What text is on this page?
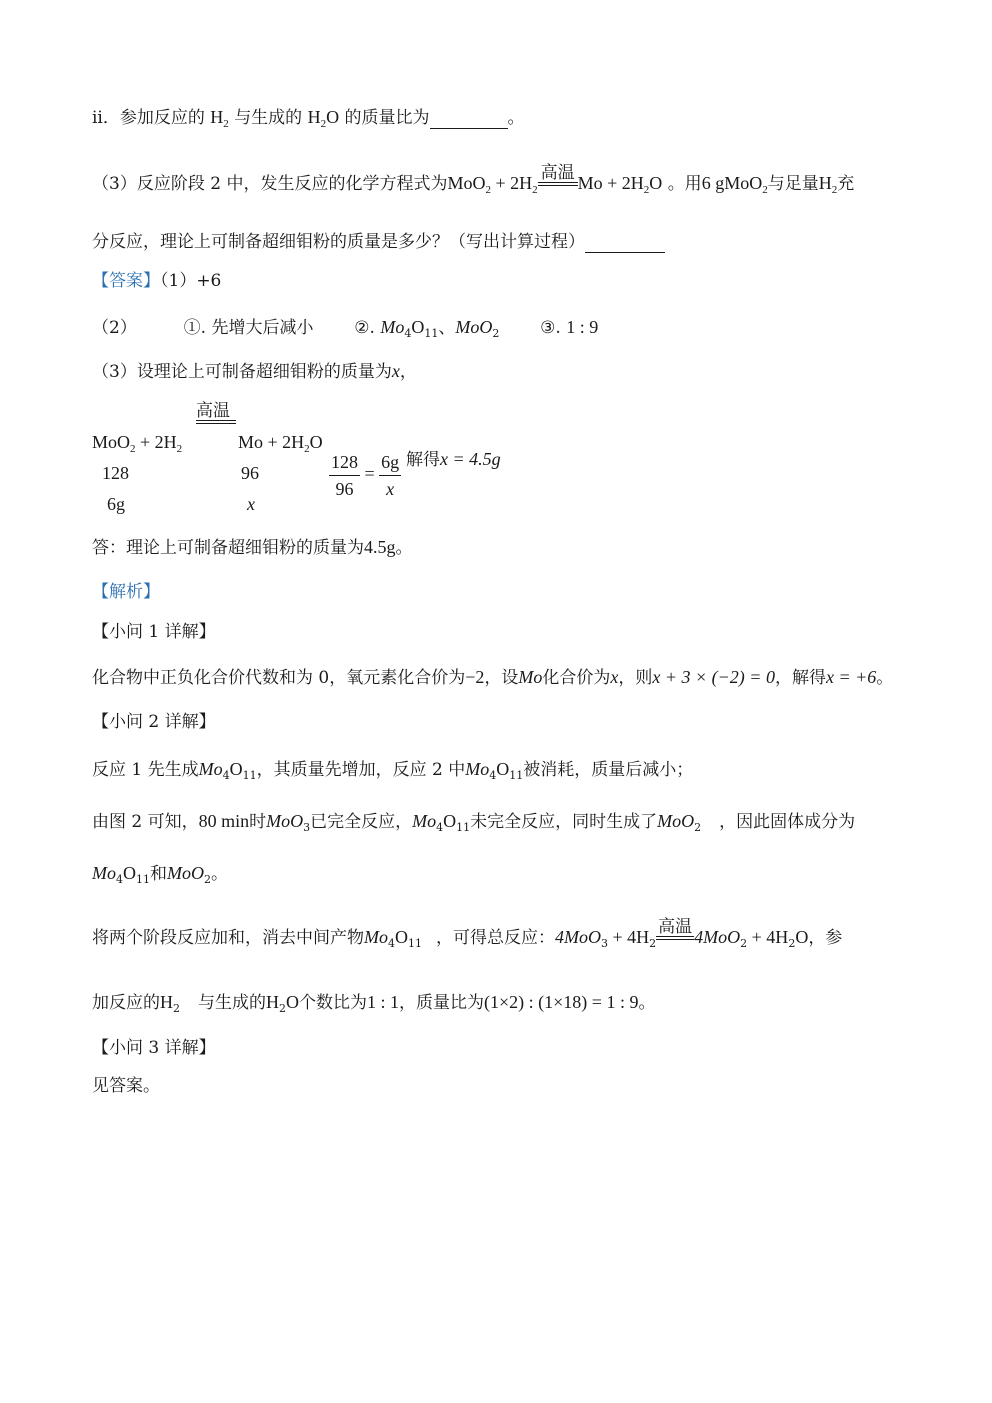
ii．参加反应的 $H_2$ 与生成的 $H_2O$ 的质量比为	。
（3）反应阶段 2 中，发生反应的化学方程式为$MoO_2 + 2H_2$
高温 $Mo + 2H_2O$ 。用6 gMoO$_2$与足量$H_2$充
分反应，理论上可制备超细钼粉的质量是多少？（写出计算过程）
【答案】（1）+6
（2）	①. 先增大后减小 ②. $Mo_4O_{11}$、MoO$_2$ ③. 1 : 9
（3）设理论上可制备超细钼粉的质量为x，
高温
$MoO_2 + 2H_2$	$Mo + 2H_2O$
128	96
6g	x
$\frac{128}{96} = \frac{6g}{x}$ 解得x = 4.5g
答：理论上可制备超细钼粉的质量为4.5g。
【解析】
【小问 1 详解】
化合物中正负化合价代数和为 0，氧元素化合价为−2，设Mo化合价为x，则x + 3 × (−2) = 0，解得x = +6。
【小问 2 详解】
反应 1 先生成$Mo_4O_{11}$，其质量先增加，反应 2 中$Mo_4O_{11}$被消耗，质量后减小；
由图 2 可知，80 min时MoO$_3$已完全反应，$Mo_4O_{11}$未完全反应，同时生成了MoO$_2$ ，因此固体成分为
$Mo_4O_{11}$和MoO$_2$。
将两个阶段反应加和，消去中间产物$Mo_4O_{11}$ ，可得总反应：$4MoO_3 + 4H_2$
高温 $4MoO_2 + 4H_2O$，参
加反应的$H_2$ 与生成的$H_2O$个数比为1 : 1，质量比为(1×2) : (1×18) = 1 : 9。
【小问 3 详解】
见答案。
